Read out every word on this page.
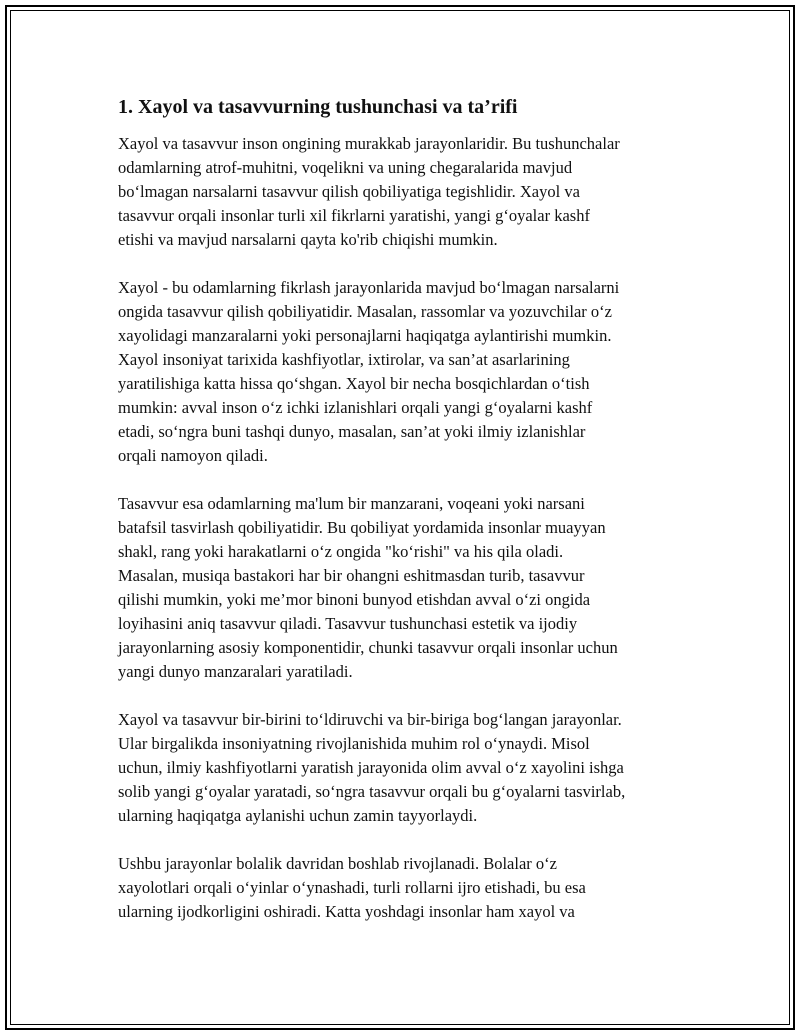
1. Xayol va tasavvurning tushunchasi va ta’rifi

Xayol va tasavvur inson ongining murakkab jarayonlaridir. Bu tushunchalar
odamlarning atrof-muhitni, voqelikni va uning chegaralarida mavjud
bo‘lmagan narsalarni tasavvur qilish qobiliyatiga tegishlidir. Xayol va
tasavvur orqali insonlar turli xil fikrlarni yaratishi, yangi g‘oyalar kashf
etishi va mavjud narsalarni qayta ko'rib chiqishi mumkin.

Xayol - bu odamlarning fikrlash jarayonlarida mavjud bo‘lmagan narsalarni
ongida tasavvur qilish qobiliyatidir. Masalan, rassomlar va yozuvchilar o‘z
xayolidagi manzaralarni yoki personajlarni haqiqatga aylantirishi mumkin.
Xayol insoniyat tarixida kashfiyotlar, ixtirolar, va san’at asarlarining
yaratilishiga katta hissa qo‘shgan. Xayol bir necha bosqichlardan o‘tish
mumkin: avval inson o‘z ichki izlanishlari orqali yangi g‘oyalarni kashf
etadi, so‘ngra buni tashqi dunyo, masalan, san’at yoki ilmiy izlanishlar
orqali namoyon qiladi.

Tasavvur esa odamlarning ma'lum bir manzarani, voqeani yoki narsani
batafsil tasvirlash qobiliyatidir. Bu qobiliyat yordamida insonlar muayyan
shakl, rang yoki harakatlarni o‘z ongida "ko‘rishi" va his qila oladi.
Masalan, musiqa bastakori har bir ohangni eshitmasdan turib, tasavvur
qilishi mumkin, yoki me’mor binoni bunyod etishdan avval o‘zi ongida
loyihasini aniq tasavvur qiladi. Tasavvur tushunchasi estetik va ijodiy
jarayonlarning asosiy komponentidir, chunki tasavvur orqali insonlar uchun
yangi dunyo manzaralari yaratiladi.

Xayol va tasavvur bir-birini to‘ldiruvchi va bir-biriga bog‘langan jarayonlar.
Ular birgalikda insoniyatning rivojlanishida muhim rol o‘ynaydi. Misol
uchun, ilmiy kashfiyotlarni yaratish jarayonida olim avval o‘z xayolini ishga
solib yangi g‘oyalar yaratadi, so‘ngra tasavvur orqali bu g‘oyalarni tasvirlab,
ularning haqiqatga aylanishi uchun zamin tayyorlaydi.

Ushbu jarayonlar bolalik davridan boshlab rivojlanadi. Bolalar o‘z
xayolotlari orqali o‘yinlar o‘ynashadi, turli rollarni ijro etishadi, bu esa
ularning ijodkorligini oshiradi. Katta yoshdagi insonlar ham xayol va
